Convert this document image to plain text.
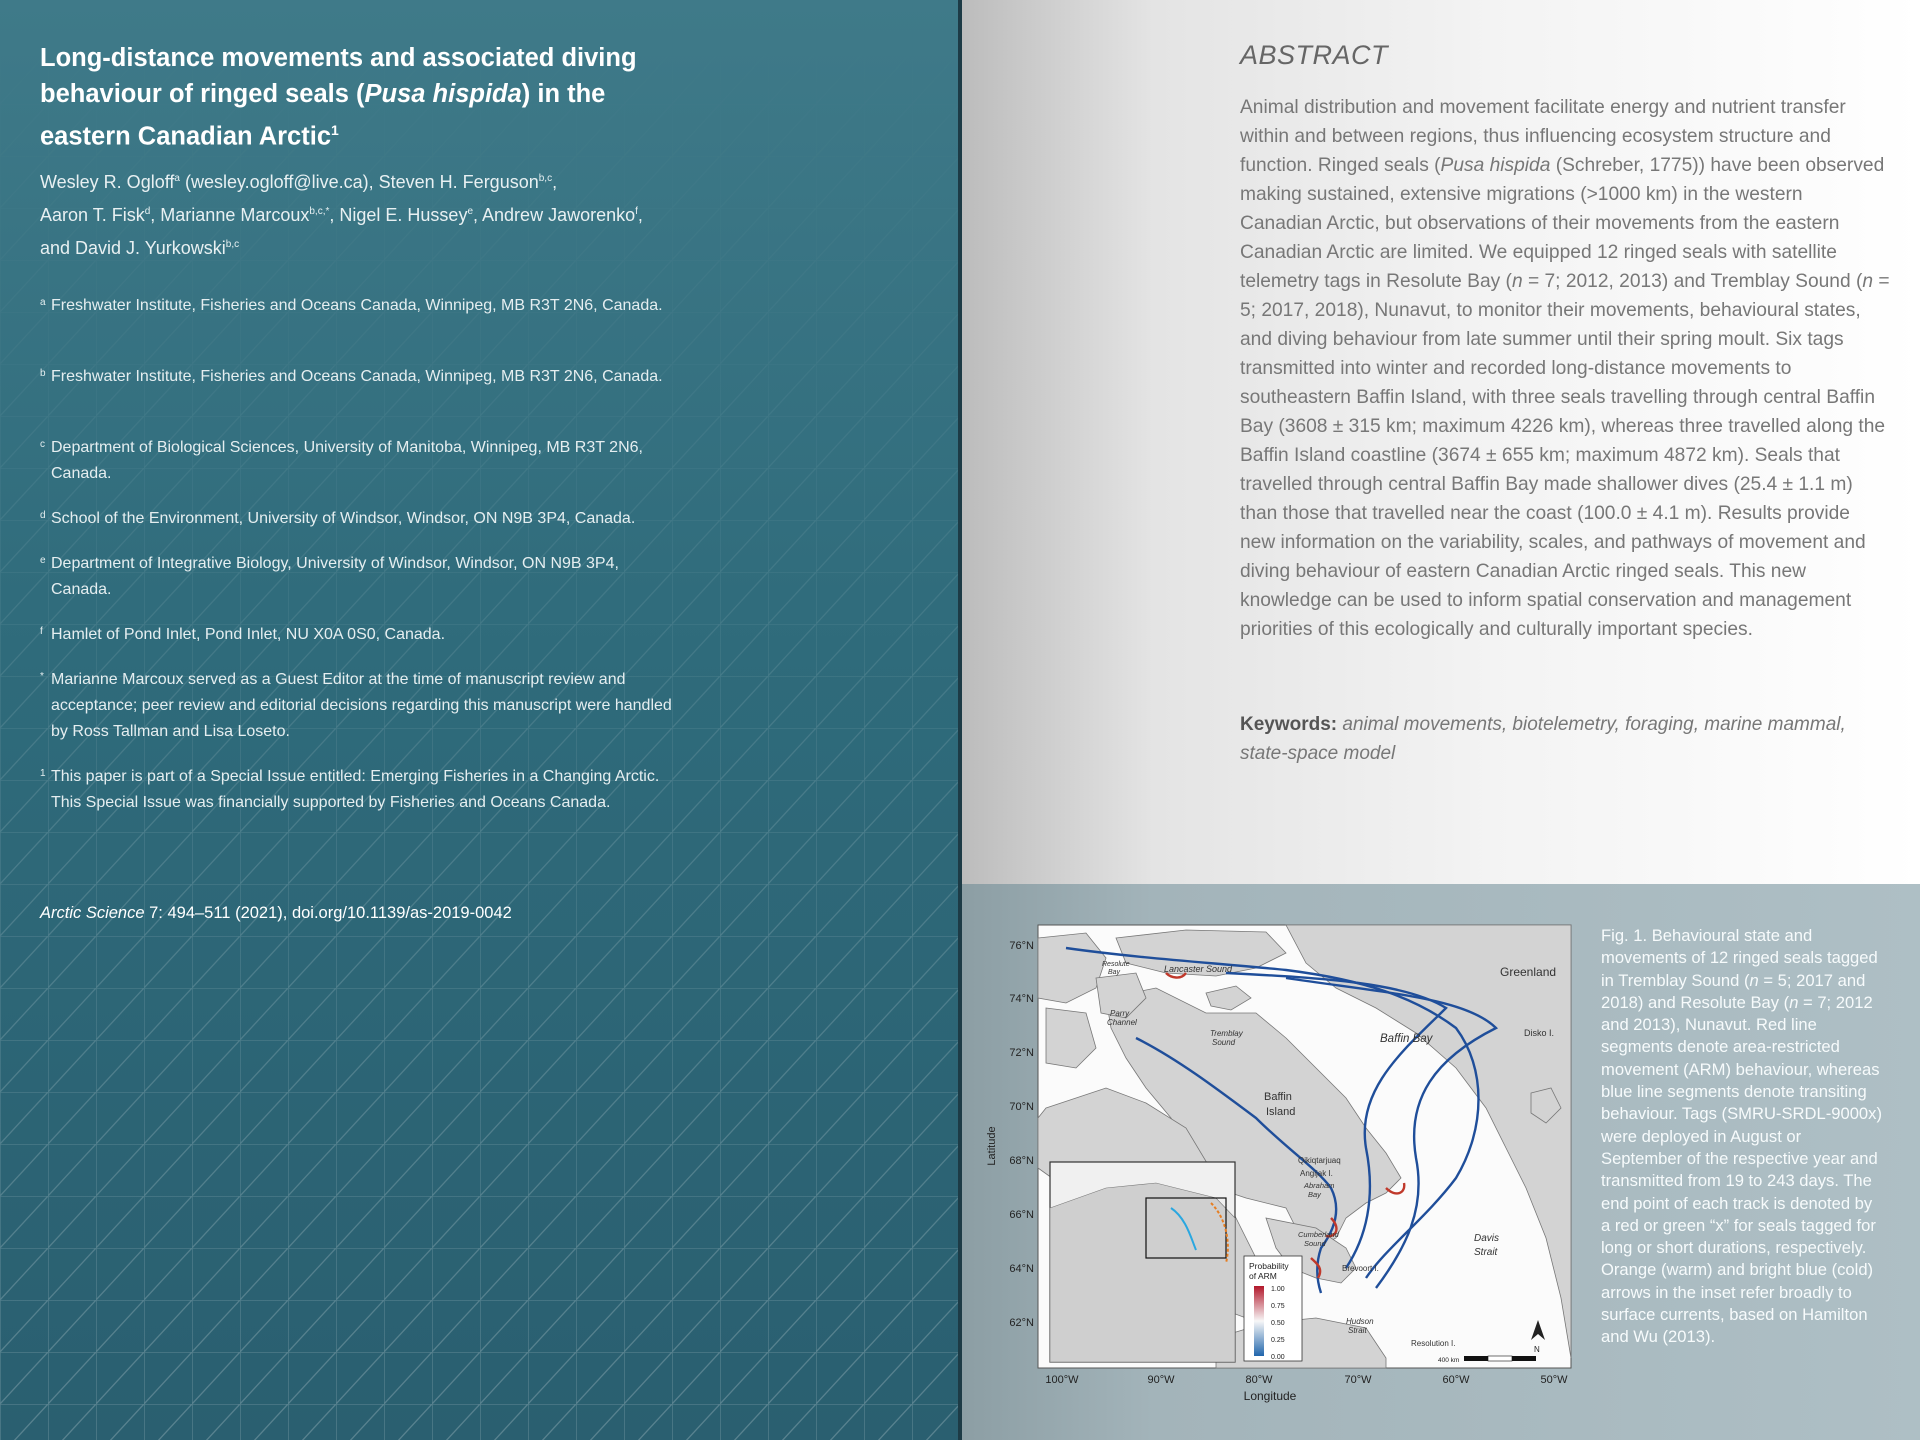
Long-distance movements and associated diving behaviour of ringed seals (Pusa hispida) in the eastern Canadian Arctic$^1$
Wesley R. Ogloff$^a$ (wesley.ogloff@live.ca), Steven H. Ferguson$^{b,c}$,
Aaron T. Fisk$^d$, Marianne Marcoux$^{b,c,*}$, Nigel E. Hussey$^e$, Andrew Jaworenko$^f$,
and David J. Yurkowski$^{b,c}$
a Freshwater Institute, Fisheries and Oceans Canada, Winnipeg, MB R3T 2N6, Canada.
b Freshwater Institute, Fisheries and Oceans Canada, Winnipeg, MB R3T 2N6, Canada.
c Department of Biological Sciences, University of Manitoba, Winnipeg, MB R3T 2N6, Canada.
d School of the Environment, University of Windsor, Windsor, ON N9B 3P4, Canada.
e Department of Integrative Biology, University of Windsor, Windsor, ON N9B 3P4, Canada.
f Hamlet of Pond Inlet, Pond Inlet, NU X0A 0S0, Canada.
* Marianne Marcoux served as a Guest Editor at the time of manuscript review and acceptance; peer review and editorial decisions regarding this manuscript were handled by Ross Tallman and Lisa Loseto.
1 This paper is part of a Special Issue entitled: Emerging Fisheries in a Changing Arctic. This Special Issue was financially supported by Fisheries and Oceans Canada.
Arctic Science 7: 494–511 (2021), doi.org/10.1139/as-2019-0042
ABSTRACT
Animal distribution and movement facilitate energy and nutrient transfer within and between regions, thus influencing ecosystem structure and function. Ringed seals (Pusa hispida (Schreber, 1775)) have been observed making sustained, extensive migrations (>1000 km) in the western Canadian Arctic, but observations of their movements from the eastern Canadian Arctic are limited. We equipped 12 ringed seals with satellite telemetry tags in Resolute Bay (n = 7; 2012, 2013) and Tremblay Sound (n = 5; 2017, 2018), Nunavut, to monitor their movements, behavioural states, and diving behaviour from late summer until their spring moult. Six tags transmitted into winter and recorded long-distance movements to southeastern Baffin Island, with three seals travelling through central Baffin Bay (3608 ± 315 km; maximum 4226 km), whereas three travelled along the Baffin Island coastline (3674 ± 655 km; maximum 4872 km). Seals that travelled through central Baffin Bay made shallower dives (25.4 ± 1.1 m) than those that travelled near the coast (100.0 ± 4.1 m). Results provide new information on the variability, scales, and pathways of movement and diving behaviour of eastern Canadian Arctic ringed seals. This new knowledge can be used to inform spatial conservation and management priorities of this ecologically and culturally important species.
Keywords: animal movements, biotelemetry, foraging, marine mammal, state-space model
Probability
of ARM
1.00
0.75
0.50
0.25
0.00
Greenland
Lancaster Sound
Resolute
Bay
Parry
Channel
Tremblay
Sound	Baffin Bay
Baffin
Island
Disko I.
Qikiqtarjuaq
Angijak I.
Abraham
Bay
Cumberland
Sound
Brevoort I.
Davis
Strait
Hudson
Strait
Resolution I.
N
400 km
76°N
74°N
72°N
70°N
68°N
66°N
64°N
62°N
Latitude
100°W	90°W	80°W	70°W	60°W	50°W
Longitude
Fig. 1. Behavioural state and movements of 12 ringed seals tagged in Tremblay Sound (n = 5; 2017 and 2018) and Resolute Bay (n = 7; 2012 and 2013), Nunavut. Red line segments denote area-restricted movement (ARM) behaviour, whereas blue line segments denote transiting behaviour. Tags (SMRU-SRDL-9000x) were deployed in August or September of the respective year and transmitted from 19 to 243 days. The end point of each track is denoted by a red or green “x” for seals tagged for long or short durations, respectively. Orange (warm) and bright blue (cold) arrows in the inset refer broadly to surface currents, based on Hamilton and Wu (2013).
